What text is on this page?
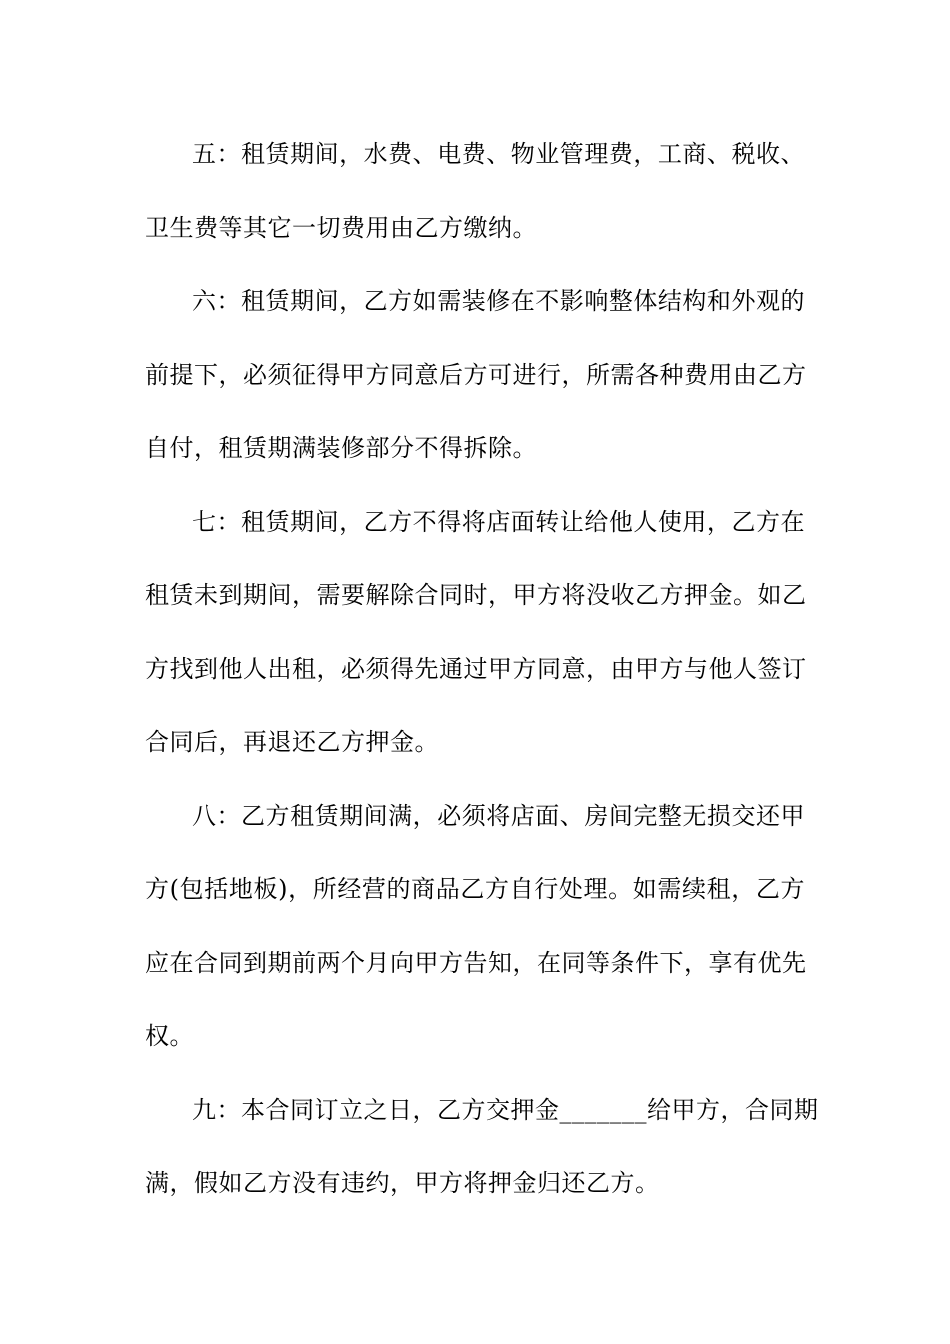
五：租赁期间，水费、电费、物业管理费，工商、税收、
卫生费等其它一切费用由乙方缴纳。
六：租赁期间，乙方如需装修在不影响整体结构和外观的
前提下，必须征得甲方同意后方可进行，所需各种费用由乙方
自付，租赁期满装修部分不得拆除。
七：租赁期间，乙方不得将店面转让给他人使用，乙方在
租赁未到期间，需要解除合同时，甲方将没收乙方押金。如乙
方找到他人出租，必须得先通过甲方同意，由甲方与他人签订
合同后，再退还乙方押金。
八：乙方租赁期间满，必须将店面、房间完整无损交还甲
方(包括地板)，所经营的商品乙方自行处理。如需续租，乙方
应在合同到期前两个月向甲方告知，在同等条件下，享有优先
权。
九：本合同订立之日，乙方交押金_______给甲方，合同期
满，假如乙方没有违约，甲方将押金归还乙方。
